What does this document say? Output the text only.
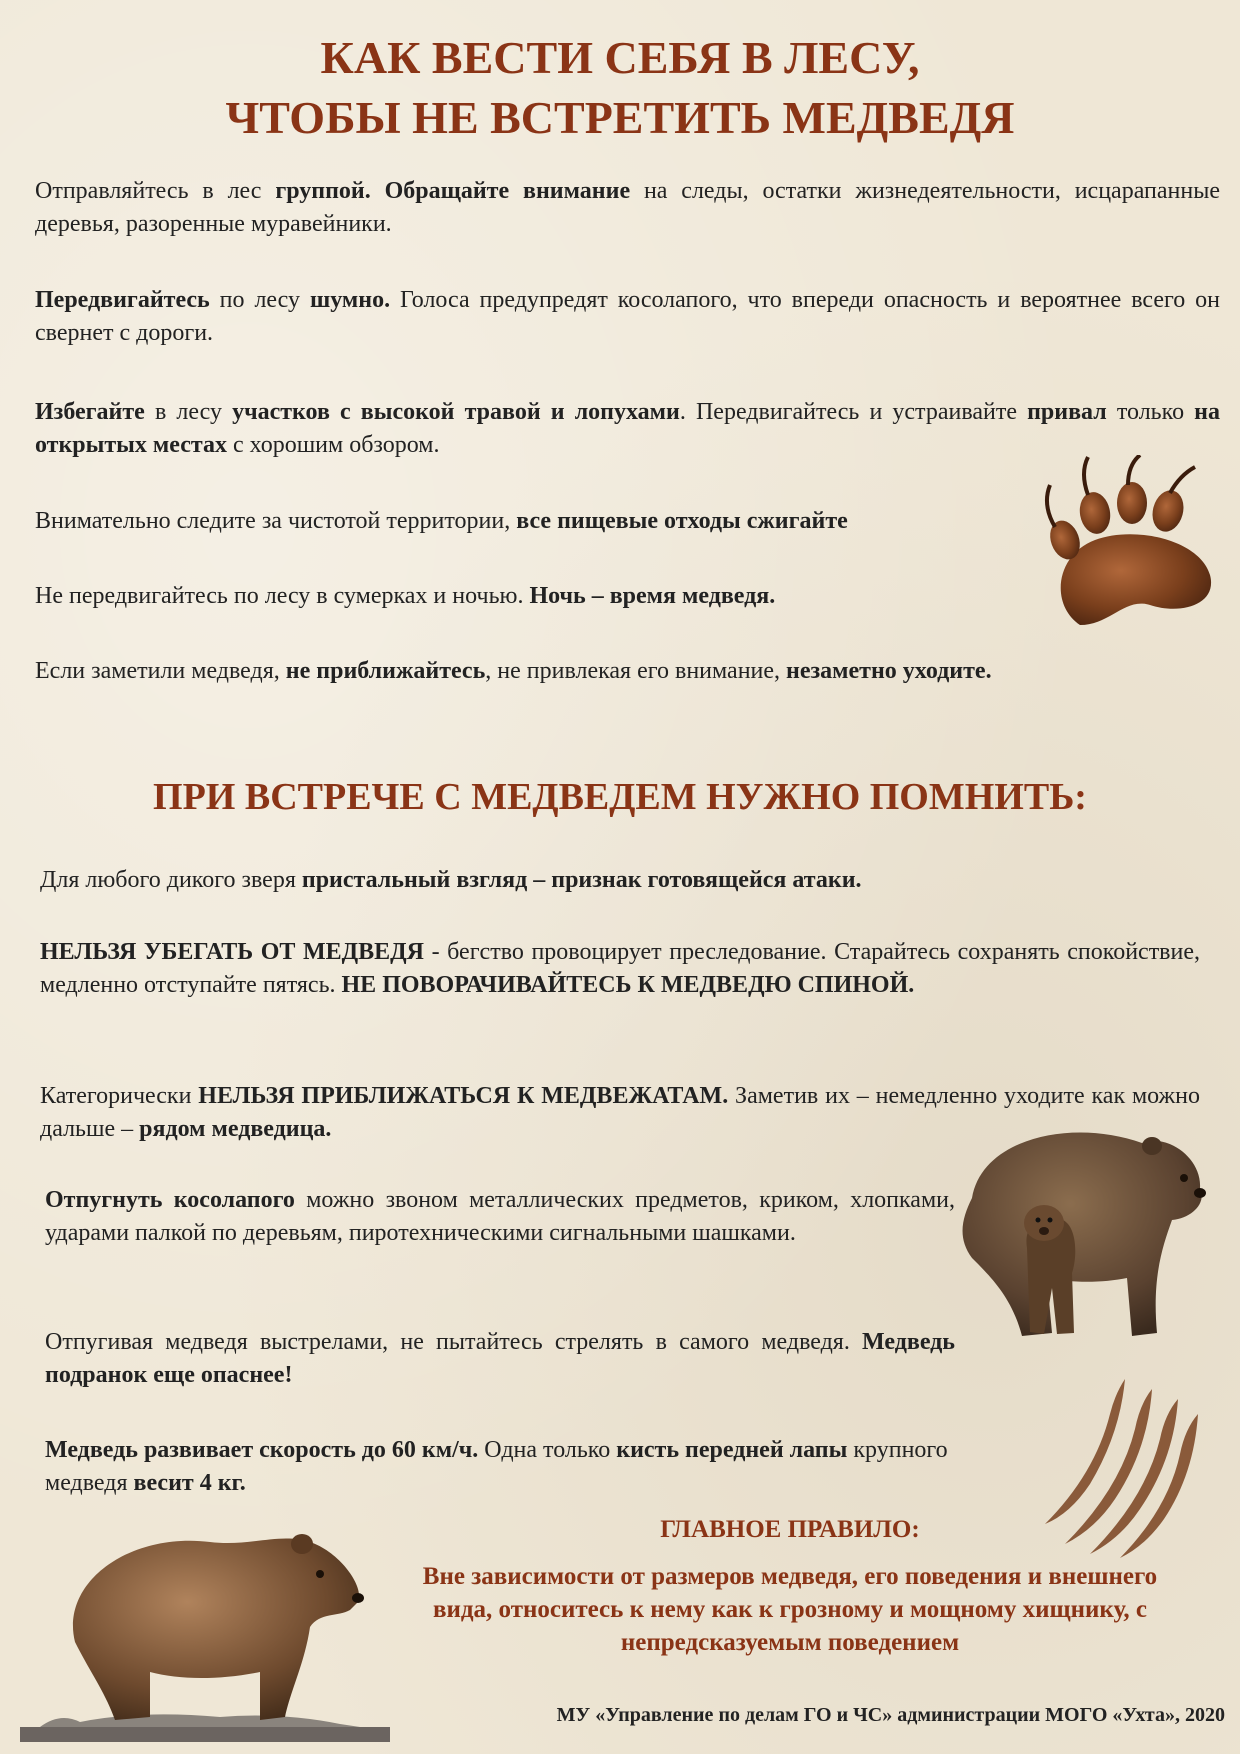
КАК ВЕСТИ СЕБЯ В ЛЕСУ,
ЧТОБЫ НЕ ВСТРЕТИТЬ МЕДВЕДЯ

Отправляйтесь в лес группой. Обращайте внимание на следы, остатки жизнедеятельности, исцарапанные деревья, разоренные муравейники.

Передвигайтесь по лесу шумно. Голоса предупредят косолапого, что впереди опасность и вероятнее всего он свернет с дороги.

Избегайте в лесу участков с высокой травой и лопухами. Передвигайтесь и устраивайте привал только на открытых местах с хорошим обзором.

Внимательно следите за чистотой территории, все пищевые отходы сжигайте

Не передвигайтесь по лесу в сумерках и ночью. Ночь – время медведя.

Если заметили медведя, не приближайтесь, не привлекая его внимание, незаметно уходите.

ПРИ ВСТРЕЧЕ С МЕДВЕДЕМ НУЖНО ПОМНИТЬ:

Для любого дикого зверя пристальный взгляд – признак готовящейся атаки.

НЕЛЬЗЯ УБЕГАТЬ ОТ МЕДВЕДЯ - бегство провоцирует преследование. Старайтесь сохранять спокойствие, медленно отступайте пятясь. НЕ ПОВОРАЧИВАЙТЕСЬ К МЕДВЕДЮ СПИНОЙ.

Категорически НЕЛЬЗЯ ПРИБЛИЖАТЬСЯ К МЕДВЕЖАТАМ. Заметив их – немедленно уходите как можно дальше – рядом медведица.

Отпугнуть косолапого можно звоном металлических предметов, криком, хлопками, ударами палкой по деревьям, пиротехническими сигнальными шашками.

Отпугивая медведя выстрелами, не пытайтесь стрелять в самого медведя. Медведь подранок еще опаснее!

Медведь развивает скорость до 60 км/ч. Одна только кисть передней лапы крупного медведя весит 4 кг.

ГЛАВНОЕ ПРАВИЛО:
Вне зависимости от размеров медведя, его поведения и внешнего вида, относитесь к нему как к грозному и мощному хищнику, с непредсказуемым поведением
МУ «Управление по делам ГО и ЧС» администрации МОГО «Ухта», 2020
